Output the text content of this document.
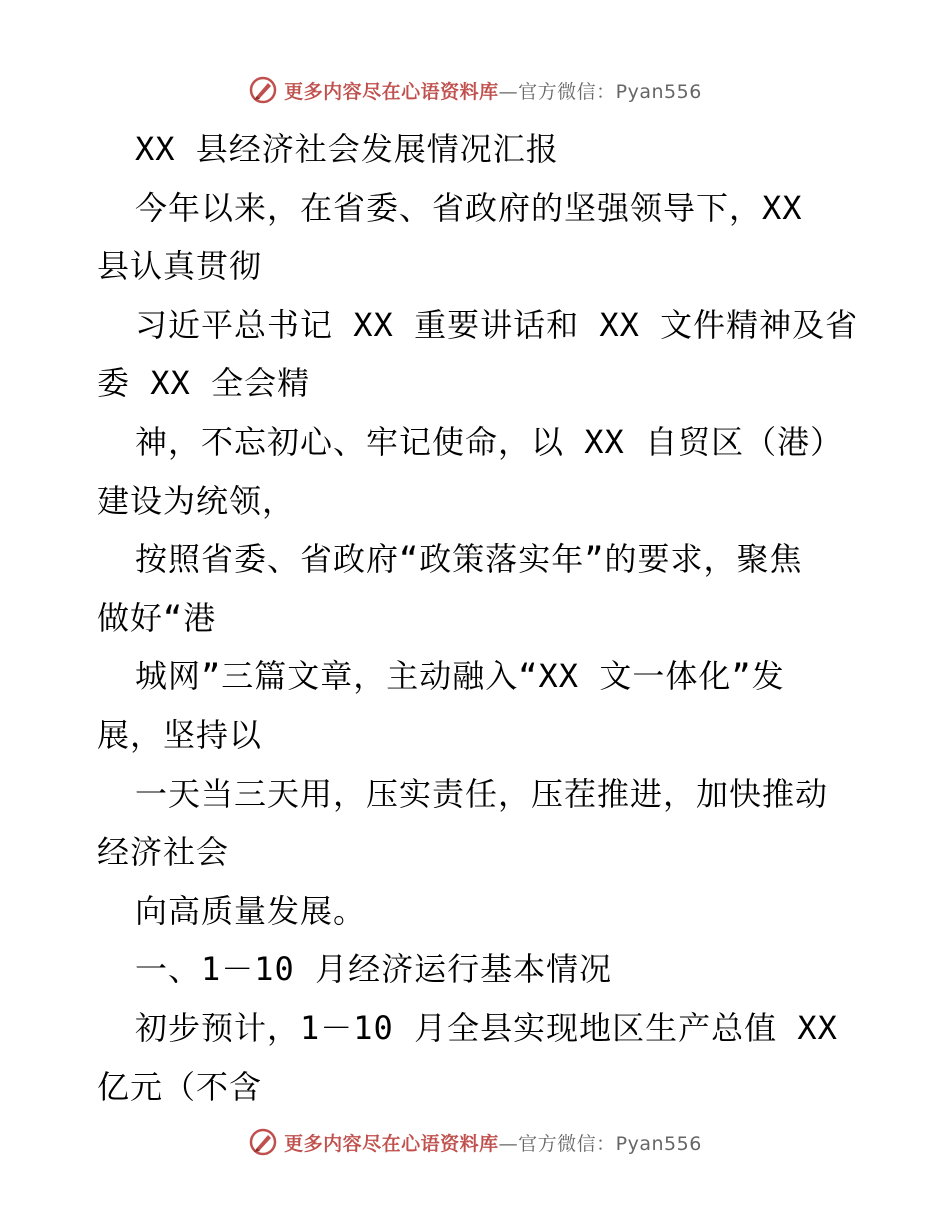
更多内容尽在心语资料库—官方微信：Pyan556
XX 县经济社会发展情况汇报
今年以来，在省委、省政府的坚强领导下，XX
县认真贯彻
习近平总书记 XX 重要讲话和 XX 文件精神及省
委 XX 全会精
神，不忘初心、牢记使命，以 XX 自贸区（港）
建设为统领，
按照省委、省政府“政策落实年”的要求，聚焦
做好“港
城网”三篇文章，主动融入“XX 文一体化”发
展，坚持以
一天当三天用，压实责任，压茬推进，加快推动
经济社会
向高质量发展。
一、1－10 月经济运行基本情况
初步预计，1－10 月全县实现地区生产总值 XX
亿元（不含
更多内容尽在心语资料库—官方微信：Pyan556
